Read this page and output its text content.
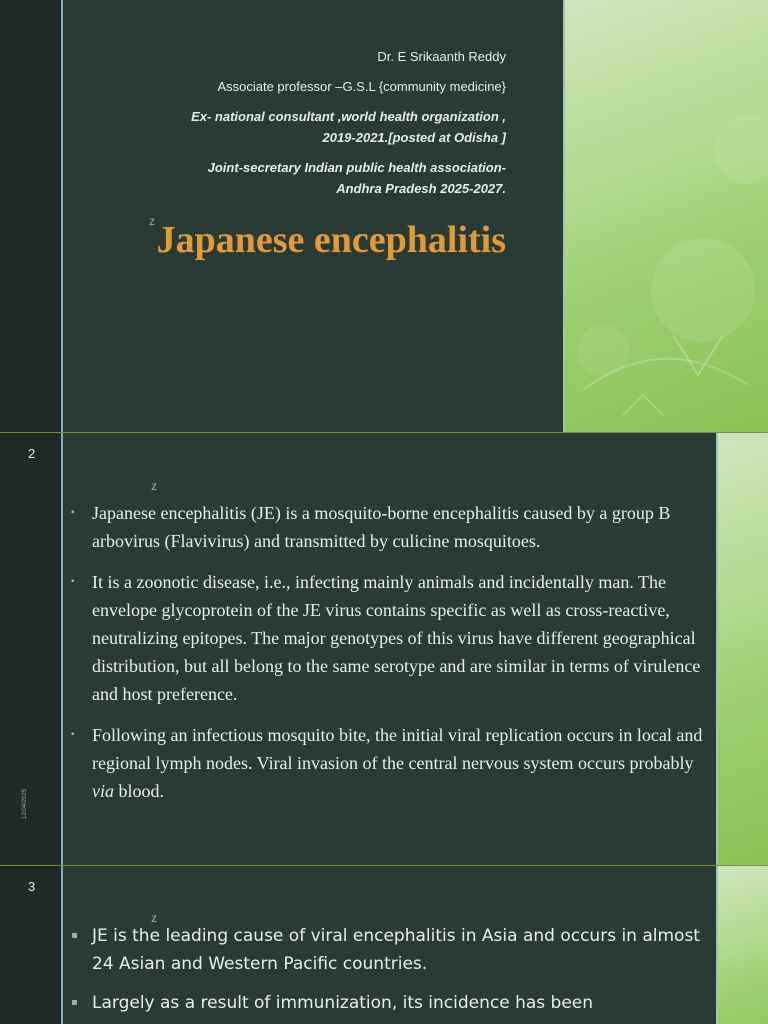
Dr. E Srikaanth Reddy

Associate professor –G.S.L {community medicine}

Ex- national consultant ,world health organization , 2019-2021.[posted at Odisha ]

Joint-secretary Indian public health association-Andhra Pradesh 2025-2027.

z Japanese encephalitis
2
12/04/2025
z
▪ Japanese encephalitis (JE) is a mosquito-borne encephalitis caused by a group B arbovirus (Flavivirus) and transmitted by culicine mosquitoes.
▪ It is a zoonotic disease, i.e., infecting mainly animals and incidentally man. The envelope glycoprotein of the JE virus contains specific as well as cross-reactive, neutralizing epitopes. The major genotypes of this virus have different geographical distribution, but all belong to the same serotype and are similar in terms of virulence and host preference.
▪ Following an infectious mosquito bite, the initial viral replication occurs in local and regional lymph nodes. Viral invasion of the central nervous system occurs probably via blood.
3
z
▪ JE is the leading cause of viral encephalitis in Asia and occurs in almost 24 Asian and Western Pacific countries.
▪ Largely as a result of immunization, its incidence has been
